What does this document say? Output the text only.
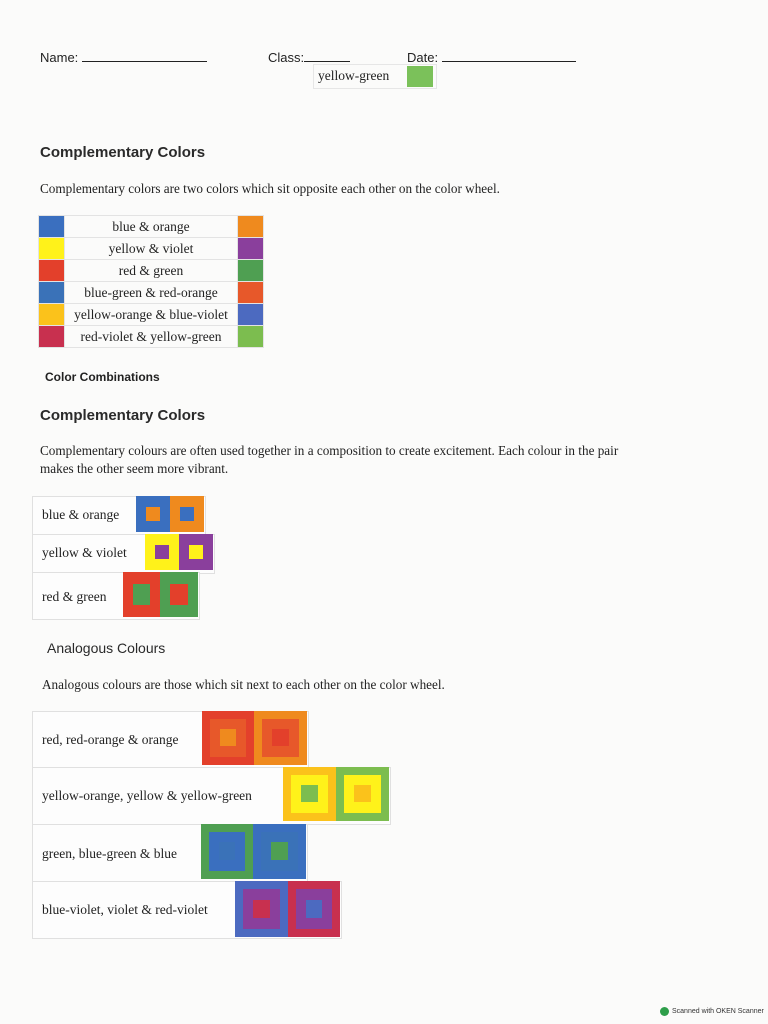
Name:	Class:	Date:
yellow-green
Complementary Colors
Complementary colors are two colors which sit opposite each other on the color wheel.
	blue & orange	
	yellow & violet	
	red & green	
	blue-green & red-orange	
	yellow-orange & blue-violet	
	red-violet & yellow-green	
Color Combinations
Complementary Colors
Complementary colours are often used together in a composition to create excitement. Each colour in the pair
makes the other seem more vibrant.
blue & orange
yellow & violet
red & green
Analogous Colours
Analogous colours are those which sit next to each other on the color wheel.
red, red-orange & orange
yellow-orange, yellow & yellow-green
green, blue-green & blue
blue-violet, violet & red-violet
Scanned with OKEN Scanner
